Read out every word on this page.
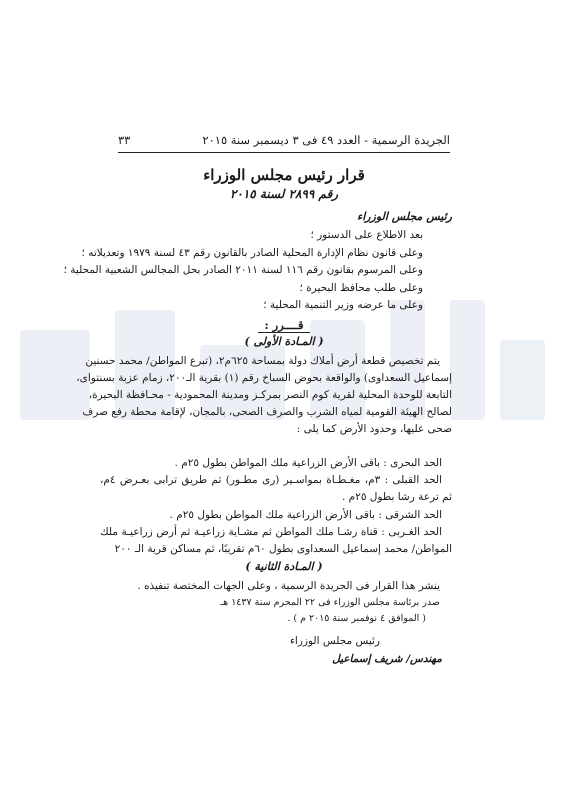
الجريدة الرسمية - العدد ٤٩ فى ٣ ديسمبر سنة ٢٠١٥
٣٣
قرار رئيس مجلس الوزراء
رقم ٢٨٩٩ لسنة ٢٠١٥
رئيس مجلس الوزراء
بعد الاطلاع على الدستور ؛
وعلى قانون نظام الإدارة المحلية الصادر بالقانون رقم ٤٣ لسنة ١٩٧٩ وتعديلاته ؛
وعلى المرسوم بقانون رقم ١١٦ لسنة ٢٠١١ الصادر بحل المجالس الشعبية المحلية ؛
وعلى طلب محافظ البحيرة ؛
وعلى ما عرضه وزير التنمية المحلية ؛
قــــرر :
( المـادة الأولى )
يتم تخصيص قطعة أرض أملاك دولة بمساحة ٦٢٥م٢، (تبرع المواطن/ محمد حسنين
إسماعيل السعداوى) والواقعة بحوض السباخ رقم (١) بقرية الـ٢٠٠، زمام عزبة بسنتواى،
التابعة للوحدة المحلية لقرية كوم النصر بمركـز ومدينة المحمودية - محـافظة البحيرة،
لصالح الهيئة القومية لمياه الشرب والصرف الصحى، بالمجان، لإقامة محطة رفع صرف
صحى عليها، وحدود الأرض كما يلى :
الحد البحرى : باقى الأرض الزراعية ملك المواطن بطول ٢٥م .
الحد القبلى : ٣م، مغـطـاة بمواسـير (رى مطـور) ثم طريق ترابى بعـرض ٤م،
ثم ترعة رشا بطول ٢٥م .
الحد الشرقى : باقى الأرض الزراعية ملك المواطن بطول ٢٥م .
الحد الغـربى : قناة رشـا ملك المواطن ثم مشـاية زراعيـة ثم أرض زراعيـة ملك
المواطن/ محمد إسماعيل السعداوى بطول ٦٠م تقريبًا، ثم مساكن قرية الـ ٢٠٠
( المـادة الثانية )
ينشر هذا القرار فى الجريدة الرسمية ، وعلى الجهات المختصة تنفيذه .
صدر برئاسة مجلس الوزراء فى ٢٢ المحرم سنة ١٤٣٧ هـ
( الموافق ٤ نوفمبر سنة ٢٠١٥ م ) .
رئيس مجلس الوزراء
مهندس/ شريف إسماعيل
